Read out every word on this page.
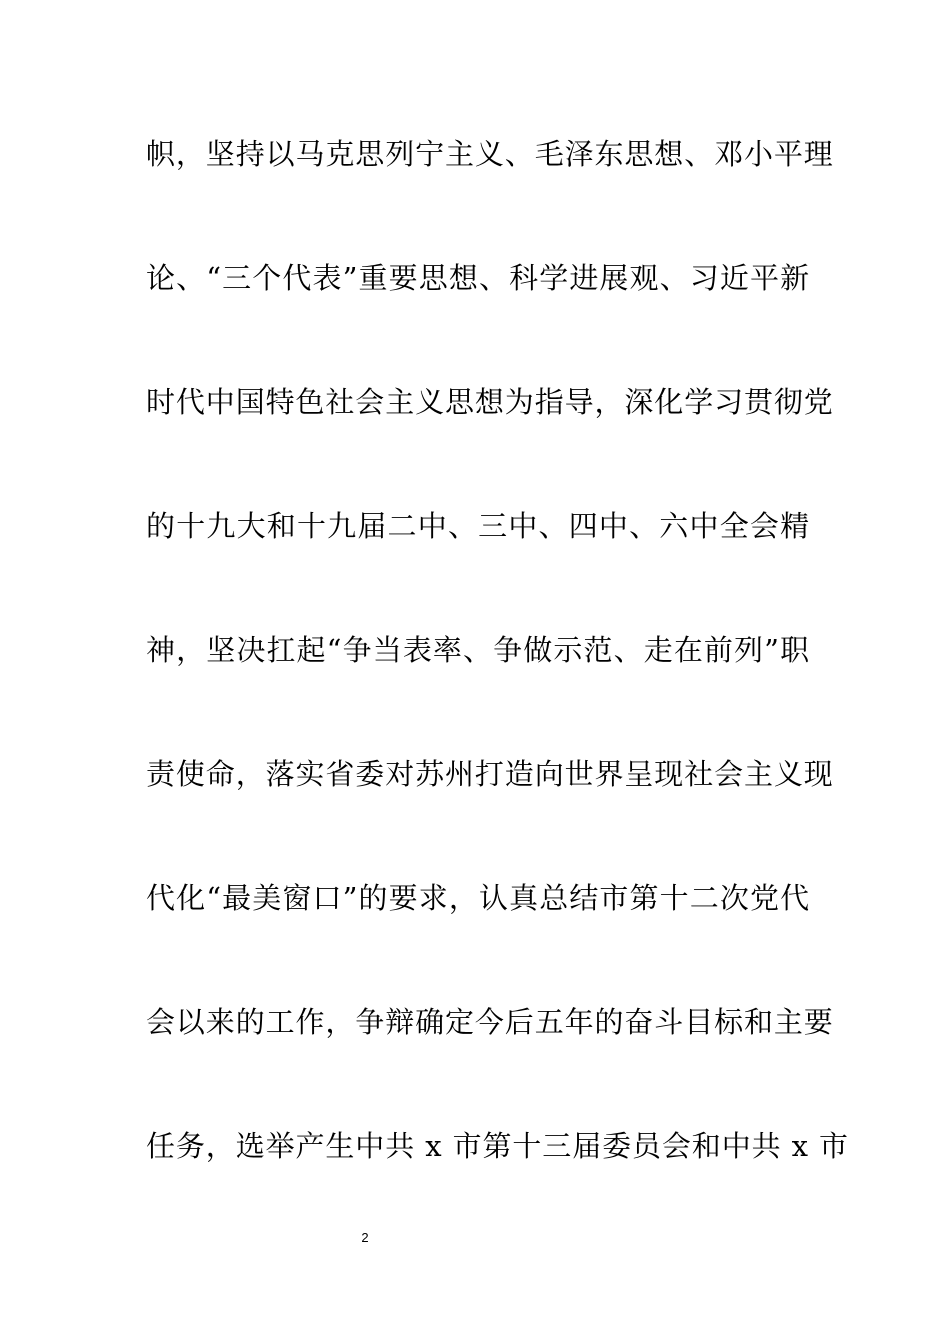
帜，坚持以马克思列宁主义、毛泽东思想、邓小平理
论、“三个代表”重要思想、科学进展观、习近平新
时代中国特色社会主义思想为指导，深化学习贯彻党
的十九大和十九届二中、三中、四中、六中全会精
神，坚决扛起“争当表率、争做示范、走在前列”职
责使命，落实省委对苏州打造向世界呈现社会主义现
代化“最美窗口”的要求，认真总结市第十二次党代
会以来的工作，争辩确定今后五年的奋斗目标和主要
任务，选举产生中共 x 市第十三届委员会和中共 x 市
2
